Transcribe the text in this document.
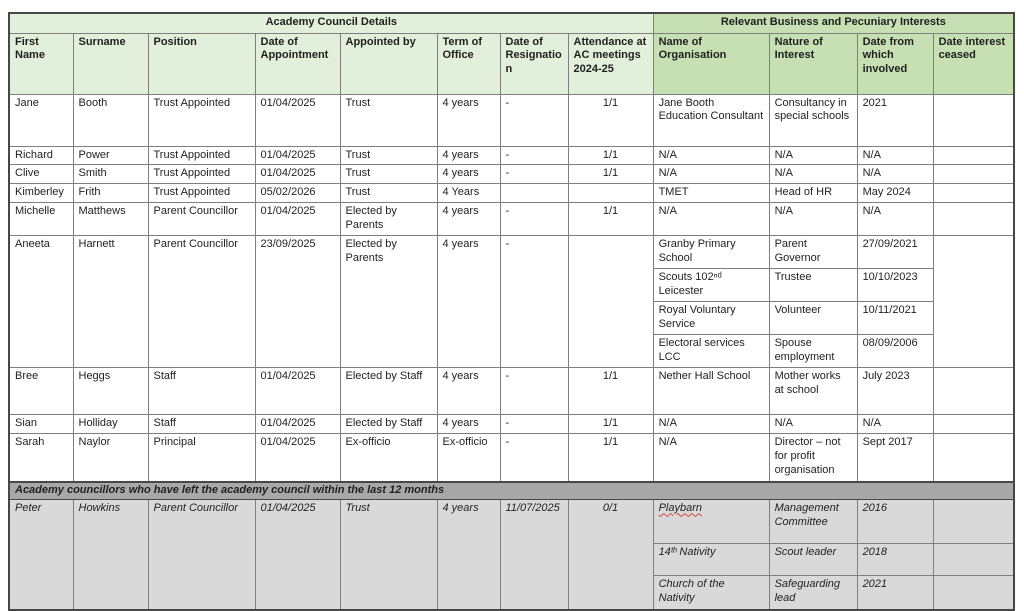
Academy Council Details								Relevant Business and Pecuniary Interests			
First Name	Surname	Position	Date of Appointment	Appointed by	Term of Office	Date of Resignation	Attendance at AC meetings 2024-25	Name of Organisation	Nature of Interest	Date from which involved	Date interest ceased
Jane	Booth	Trust Appointed	01/04/2025	Trust	4 years	-	1/1	Jane Booth Education Consultant	Consultancy in special schools	2021	
Richard	Power	Trust Appointed	01/04/2025	Trust	4 years	-	1/1	N/A	N/A	N/A	
Clive	Smith	Trust Appointed	01/04/2025	Trust	4 years	-	1/1	N/A	N/A	N/A	
Kimberley	Frith	Trust Appointed	05/02/2026	Trust	4 Years			TMET	Head of HR	May 2024	
Michelle	Matthews	Parent Councillor	01/04/2025	Elected by Parents	4 years	-	1/1	N/A	N/A	N/A	
Aneeta	Harnett	Parent Councillor	23/09/2025	Elected by Parents	4 years	-		Granby Primary School	Parent Governor	27/09/2021	
								Scouts 102ⁿᵈ Leicester	Trustee	10/10/2023	
								Royal Voluntary Service	Volunteer	10/11/2021	
								Electoral services LCC	Spouse employment	08/09/2006	
Bree	Heggs	Staff	01/04/2025	Elected by Staff	4 years	-	1/1	Nether Hall School	Mother works at school	July 2023	
Sian	Holliday	Staff	01/04/2025	Elected by Staff	4 years	-	1/1	N/A	N/A	N/A	
Sarah	Naylor	Principal	01/04/2025	Ex-officio	Ex-officio	-	1/1	N/A	Director – not for profit organisation	Sept 2017	
Academy councillors who have left the academy council within the last 12 months											
Peter	Howkins	Parent Councillor	01/04/2025	Trust	4 years	11/07/2025	0/1	Playbarn	Management Committee	2016	
								14ᵗʰ Nativity	Scout leader	2018	
								Church of the Nativity	Safeguarding lead	2021	
